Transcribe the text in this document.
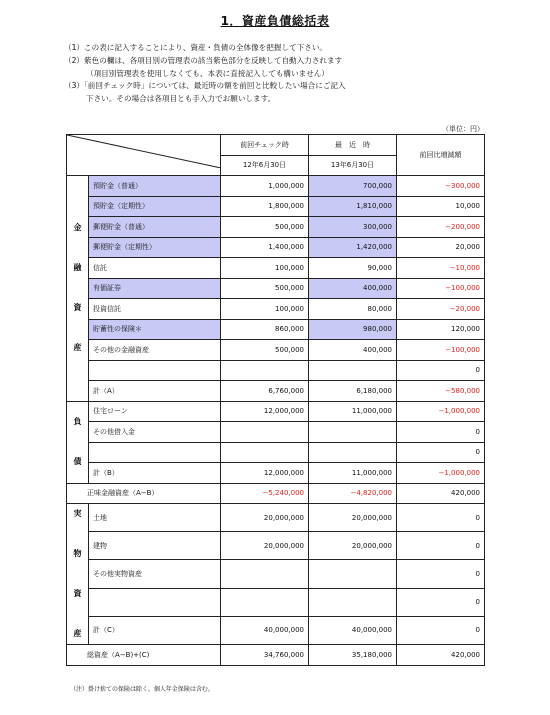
1．資産負債総括表
（1）この表に記入することにより、資産・負債の全体像を把握して下さい。
（2）紫色の欄は、各項目別の管理表の該当紫色部分を反映して自動入力されます
（項目別管理表を使用しなくても、本表に直接記入しても構いません）
（3）「前回チェック時」については、最近時の額を前回と比較したい場合にご記入
下さい。その場合は各項目とも手入力でお願いします。
（単位：円）
	前回チェック時	最　近　時	前回比増減額
		12年6月30日	13年6月30日	

金

融

資

産	預貯金（普通）	1,000,000	700,000	−300,000
	預貯金（定期性）	1,800,000	1,810,000	10,000
	郵便貯金（普通）	500,000	300,000	−200,000
	郵便貯金（定期性）	1,400,000	1,420,000	20,000
	信託	100,000	90,000	−10,000
	有価証券	500,000	400,000	−100,000
	投資信託	100,000	80,000	−20,000
	貯蓄性の保険＊	860,000	980,000	120,000
	その他の金融資産	500,000	400,000	−100,000
				0
	計（A）	6,760,000	6,180,000	−580,000

負

債	住宅ローン	12,000,000	11,000,000	−1,000,000
	その他借入金			0
				0
	計（B）	12,000,000	11,000,000	−1,000,000
正味金融資産（A−B）		−5,240,000	−4,820,000	420,000

実

物

資

産	土地	20,000,000	20,000,000	0
	建物	20,000,000	20,000,000	0
	その他実物資産			0
				0
	計（C）	40,000,000	40,000,000	0
総資産（A−B)+(C)		34,760,000	35,180,000	420,000
（注）掛け捨ての保険は除く。個人年金保険は含む。
